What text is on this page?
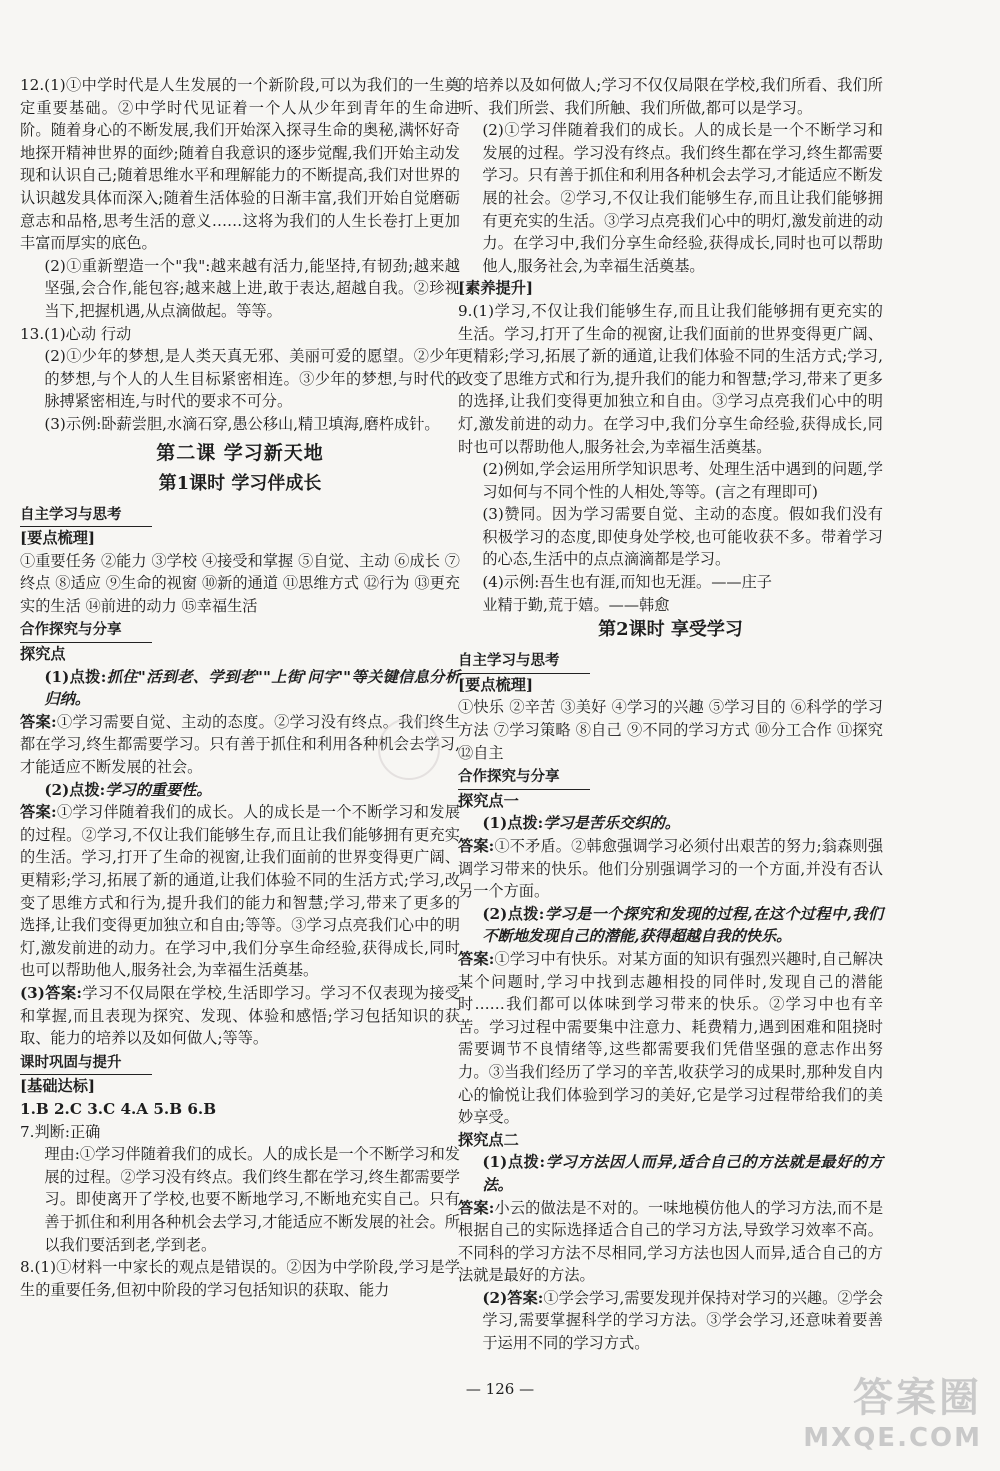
12.(1)①中学时代是人生发展的一个新阶段,可以为我们的一生奠定重要基础。②中学时代见证着一个人从少年到青年的生命进阶。随着身心的不断发展,我们开始深入探寻生命的奥秘,满怀好奇地探开精神世界的面纱;随着自我意识的逐步觉醒,我们开始主动发现和认识自己;随着思维水平和理解能力的不断提高,我们对世界的认识越发具体而深入;随着生活体验的日渐丰富,我们开始自觉磨砺意志和品格,思考生活的意义……这将为我们的人生长卷打上更加丰富而厚实的底色。

(2)①重新塑造一个"我":越来越有活力,能坚持,有韧劲;越来越坚强,会合作,能包容;越来越上进,敢于表达,超越自我。②珍视当下,把握机遇,从点滴做起。等等。

13.(1)心动 行动

(2)①少年的梦想,是人类天真无邪、美丽可爱的愿望。②少年的梦想,与个人的人生目标紧密相连。③少年的梦想,与时代的脉搏紧密相连,与时代的要求不可分。

(3)示例:卧薪尝胆,水滴石穿,愚公移山,精卫填海,磨杵成针。

第二课 学习新天地
第1课时 学习伴成长
自主学习与思考
[要点梳理]

①重要任务 ②能力 ③学校 ④接受和掌握 ⑤自觉、主动 ⑥成长 ⑦终点 ⑧适应 ⑨生命的视窗 ⑩新的通道 ⑪思维方式 ⑫行为 ⑬更充实的生活 ⑭前进的动力 ⑮幸福生活

合作探究与分享
探究点

(1)点拨:抓住"活到老、学到老""上街'问字'"等关键信息分析归纳。

答案:①学习需要自觉、主动的态度。②学习没有终点。我们终生都在学习,终生都需要学习。只有善于抓住和利用各种机会去学习,才能适应不断发展的社会。

(2)点拨:学习的重要性。

答案:①学习伴随着我们的成长。人的成长是一个不断学习和发展的过程。②学习,不仅让我们能够生存,而且让我们能够拥有更充实的生活。学习,打开了生命的视窗,让我们面前的世界变得更广阔、更精彩;学习,拓展了新的通道,让我们体验不同的生活方式;学习,改变了思维方式和行为,提升我们的能力和智慧;学习,带来了更多的选择,让我们变得更加独立和自由;等等。③学习点亮我们心中的明灯,激发前进的动力。在学习中,我们分享生命经验,获得成长,同时也可以帮助他人,服务社会,为幸福生活奠基。

(3)答案:学习不仅局限在学校,生活即学习。学习不仅表现为接受和掌握,而且表现为探究、发现、体验和感悟;学习包括知识的获取、能力的培养以及如何做人;等等。

课时巩固与提升
[基础达标]

1.B 2.C 3.C 4.A 5.B 6.B

7.判断:正确

理由:①学习伴随着我们的成长。人的成长是一个不断学习和发展的过程。②学习没有终点。我们终生都在学习,终生都需要学习。即使离开了学校,也要不断地学习,不断地充实自己。只有善于抓住和利用各种机会去学习,才能适应不断发展的社会。所以我们要活到老,学到老。

8.(1)①材料一中家长的观点是错误的。②因为中学阶段,学习是学生的重要任务,但初中阶段的学习包括知识的获取、能力

的培养以及如何做人;学习不仅仅局限在学校,我们所看、我们所听、我们所尝、我们所触、我们所做,都可以是学习。

(2)①学习伴随着我们的成长。人的成长是一个不断学习和发展的过程。学习没有终点。我们终生都在学习,终生都需要学习。只有善于抓住和利用各种机会去学习,才能适应不断发展的社会。②学习,不仅让我们能够生存,而且让我们能够拥有更充实的生活。③学习点亮我们心中的明灯,激发前进的动力。在学习中,我们分享生命经验,获得成长,同时也可以帮助他人,服务社会,为幸福生活奠基。

[素养提升]

9.(1)学习,不仅让我们能够生存,而且让我们能够拥有更充实的生活。学习,打开了生命的视窗,让我们面前的世界变得更广阔、更精彩;学习,拓展了新的通道,让我们体验不同的生活方式;学习,改变了思维方式和行为,提升我们的能力和智慧;学习,带来了更多的选择,让我们变得更加独立和自由。③学习点亮我们心中的明灯,激发前进的动力。在学习中,我们分享生命经验,获得成长,同时也可以帮助他人,服务社会,为幸福生活奠基。

(2)例如,学会运用所学知识思考、处理生活中遇到的问题,学习如何与不同个性的人相处,等等。(言之有理即可)

(3)赞同。因为学习需要自觉、主动的态度。假如我们没有积极学习的态度,即使身处学校,也可能收获不多。带着学习的心态,生活中的点点滴滴都是学习。

(4)示例:吾生也有涯,而知也无涯。——庄子

业精于勤,荒于嬉。——韩愈

第2课时 享受学习
自主学习与思考
[要点梳理]

①快乐 ②辛苦 ③美好 ④学习的兴趣 ⑤学习目的 ⑥科学的学习方法 ⑦学习策略 ⑧自己 ⑨不同的学习方式 ⑩分工合作 ⑪探究 ⑫自主

合作探究与分享
探究点一

(1)点拨:学习是苦乐交织的。

答案:①不矛盾。②韩愈强调学习必须付出艰苦的努力;翁森则强调学习带来的快乐。他们分别强调学习的一个方面,并没有否认另一个方面。

(2)点拨:学习是一个探究和发现的过程,在这个过程中,我们不断地发现自己的潜能,获得超越自我的快乐。

答案:①学习中有快乐。对某方面的知识有强烈兴趣时,自己解决某个问题时,学习中找到志趣相投的同伴时,发现自己的潜能时……我们都可以体味到学习带来的快乐。②学习中也有辛苦。学习过程中需要集中注意力、耗费精力,遇到困难和阻挠时需要调节不良情绪等,这些都需要我们凭借坚强的意志作出努力。③当我们经历了学习的辛苦,收获学习的成果时,那种发自内心的愉悦让我们体验到学习的美好,它是学习过程带给我们的美妙享受。

探究点二

(1)点拨:学习方法因人而异,适合自己的方法就是最好的方法。

答案:小云的做法是不对的。一味地模仿他人的学习方法,而不是根据自己的实际选择适合自己的学习方法,导致学习效率不高。不同科的学习方法不尽相同,学习方法也因人而异,适合自己的方法就是最好的方法。

(2)答案:①学会学习,需要发现并保持对学习的兴趣。②学会学习,需要掌握科学的学习方法。③学会学习,还意味着要善于运用不同的学习方式。

— 126 —	答案圈
MXQE.COM
